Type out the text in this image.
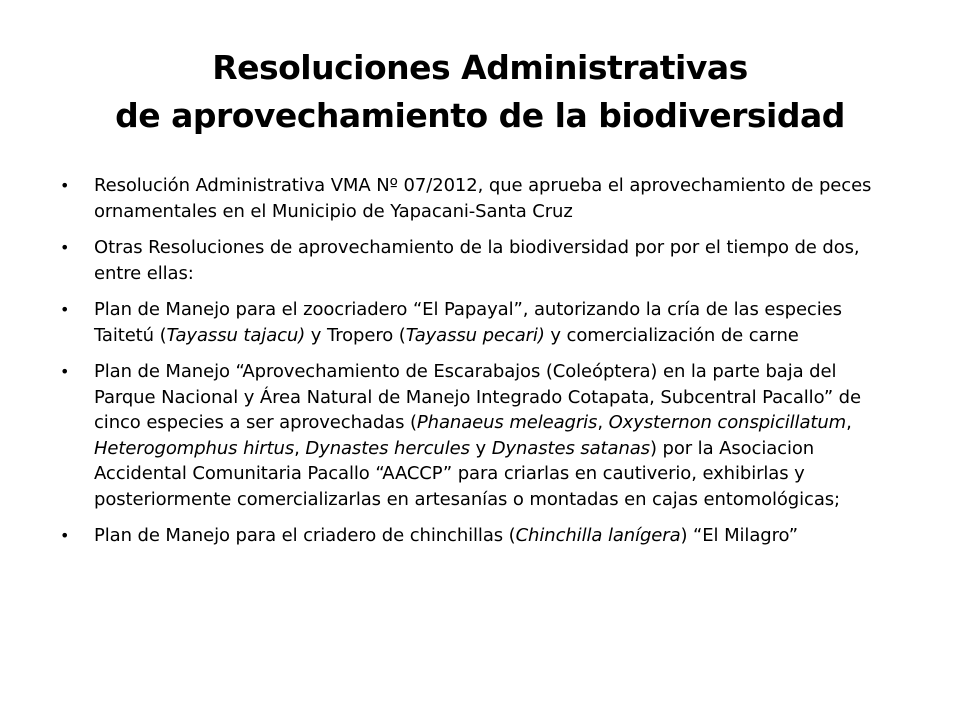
Resoluciones Administrativas
de aprovechamiento de la biodiversidad
• Resolución Administrativa VMA Nº 07/2012, que aprueba el aprovechamiento de peces ornamentales en el Municipio de Yapacani-Santa Cruz
• Otras Resoluciones de aprovechamiento de la biodiversidad por por el tiempo de dos, entre ellas:
• Plan de Manejo para el zoocriadero “El Papayal”, autorizando la cría de las especies Taitetú (Tayassu tajacu) y Tropero (Tayassu pecari) y comercialización de carne
• Plan de Manejo “Aprovechamiento de Escarabajos (Coleóptera) en la parte baja del Parque Nacional y Área Natural de Manejo Integrado Cotapata, Subcentral Pacallo” de cinco especies a ser aprovechadas (Phanaeus meleagris, Oxysternon conspicillatum, Heterogomphus hirtus, Dynastes hercules y Dynastes satanas) por la Asociacion Accidental Comunitaria Pacallo “AACCP” para criarlas en cautiverio, exhibirlas y posteriormente comercializarlas en artesanías o montadas en cajas entomológicas;
• Plan de Manejo para el criadero de chinchillas (Chinchilla lanígera) “El Milagro”
